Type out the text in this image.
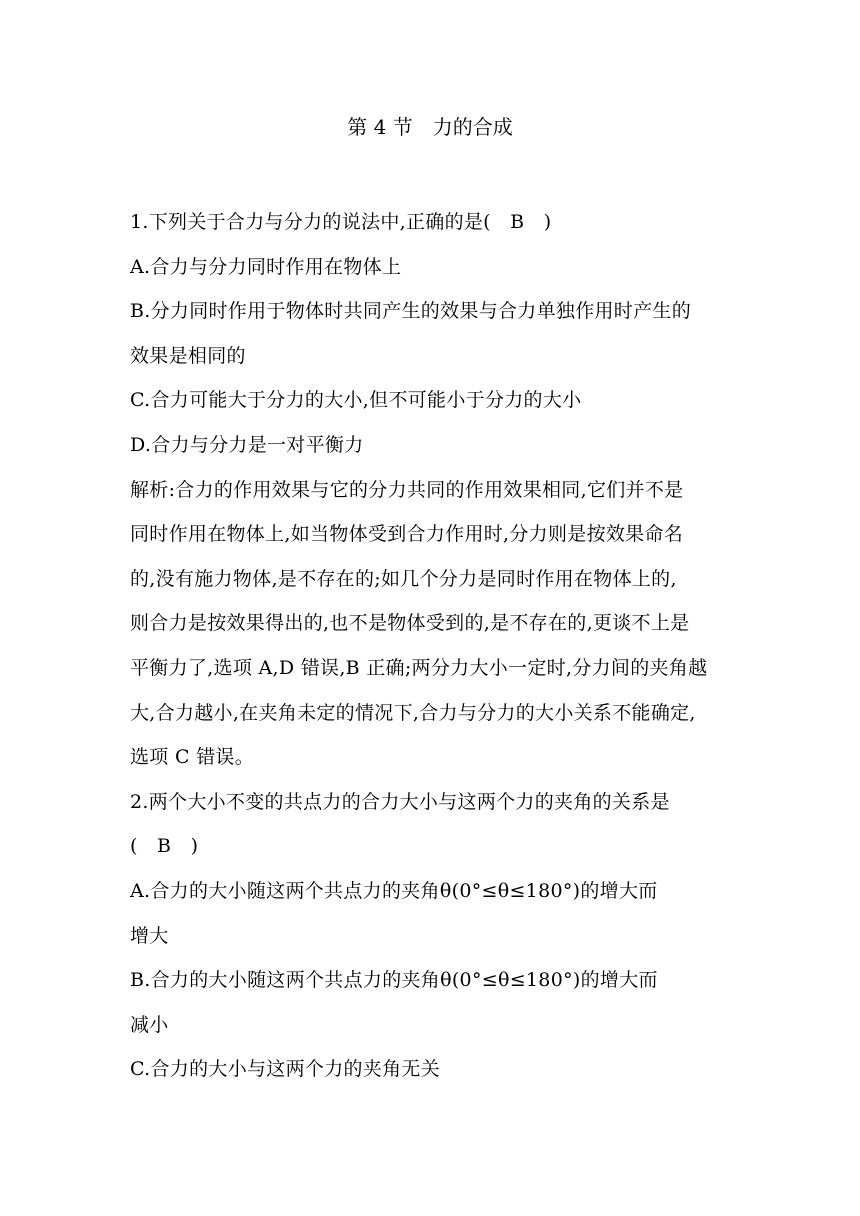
第 4 节　力的合成
1.下列关于合力与分力的说法中,正确的是(　B　)
A.合力与分力同时作用在物体上
B.分力同时作用于物体时共同产生的效果与合力单独作用时产生的
效果是相同的
C.合力可能大于分力的大小,但不可能小于分力的大小
D.合力与分力是一对平衡力
解析:合力的作用效果与它的分力共同的作用效果相同,它们并不是
同时作用在物体上,如当物体受到合力作用时,分力则是按效果命名
的,没有施力物体,是不存在的;如几个分力是同时作用在物体上的,
则合力是按效果得出的,也不是物体受到的,是不存在的,更谈不上是
平衡力了,选项 A,D 错误,B 正确;两分力大小一定时,分力间的夹角越
大,合力越小,在夹角未定的情况下,合力与分力的大小关系不能确定,
选项 C 错误。
2.两个大小不变的共点力的合力大小与这两个力的夹角的关系是
(　B　)
A.合力的大小随这两个共点力的夹角θ(0°≤θ≤180°)的增大而
增大
B.合力的大小随这两个共点力的夹角θ(0°≤θ≤180°)的增大而
减小
C.合力的大小与这两个力的夹角无关
